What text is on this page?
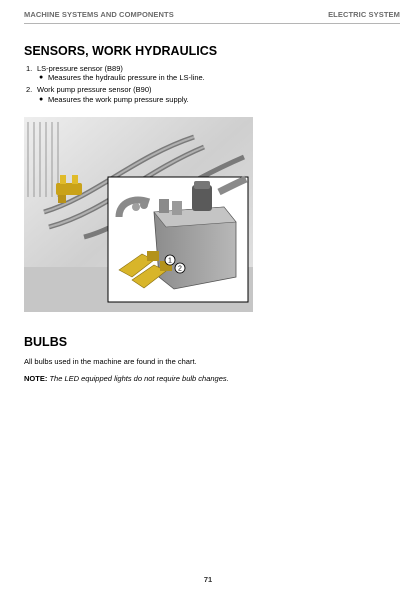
MACHINE SYSTEMS AND COMPONENTS	ELECTRIC SYSTEM
SENSORS, WORK HYDRAULICS
1. LS-pressure sensor (B89)
● Measures the hydraulic pressure in the LS-line.
2. Work pump pressure sensor (B90)
● Measures the work pump pressure supply.
1
2
BULBS
All bulbs used in the machine are found in the chart.
NOTE: The LED equipped lights do not require bulb changes.
71
